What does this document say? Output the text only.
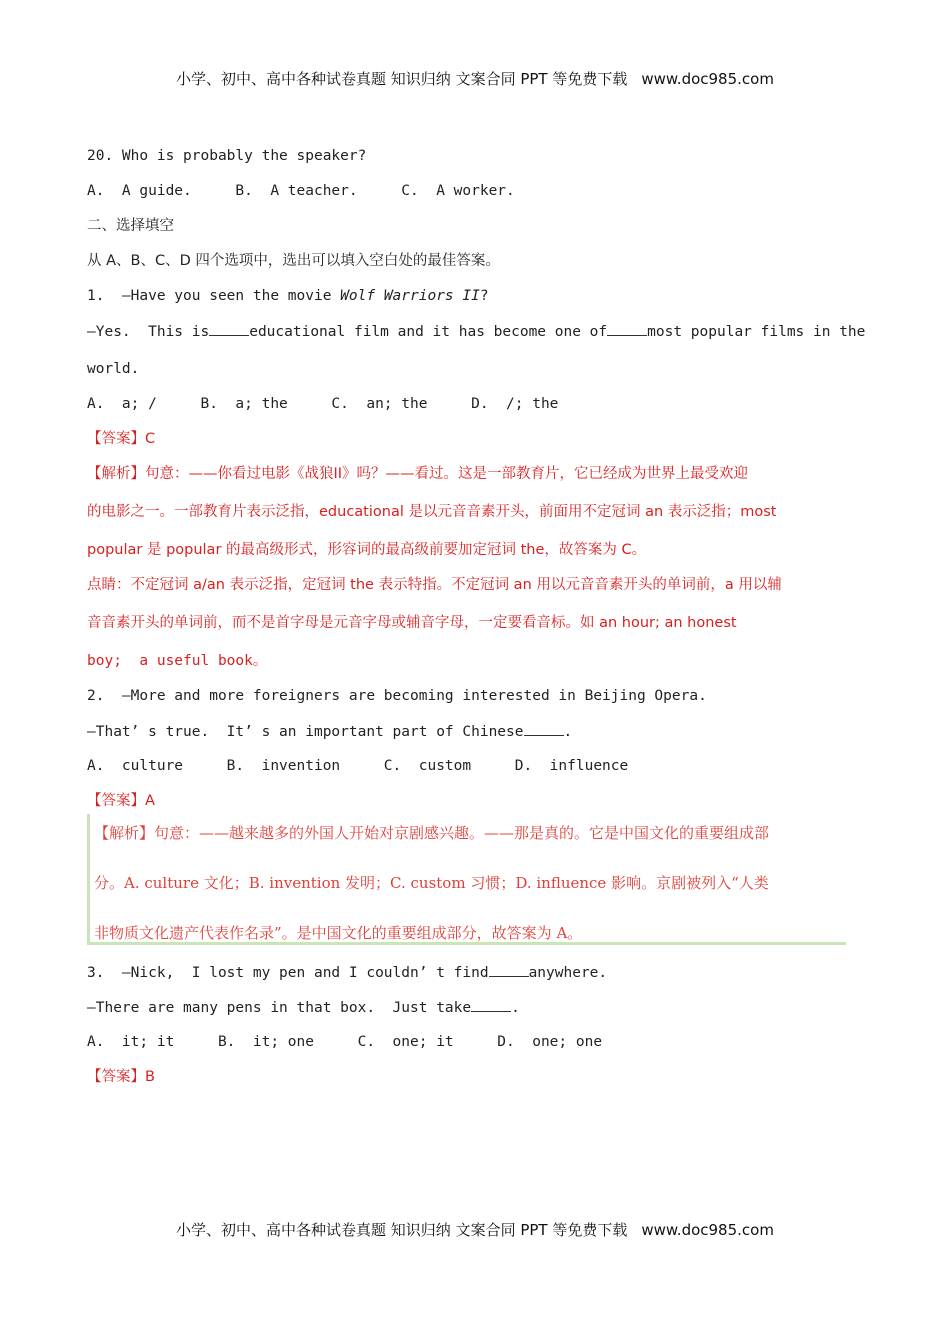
小学、初中、高中各种试卷真题 知识归纳 文案合同 PPT 等免费下载 www.doc985.com
20. Who is probably the speaker?
A.  A guide.     B.  A teacher.     C.  A worker.
二、选择填空
从 A、B、C、D 四个选项中，选出可以填入空白处的最佳答案。
1.  —Have you seen the movie Wolf Warriors II?
—Yes.  This is	educational film and it has become one of	most popular films in the
world.
A.  a; /     B.  a; the     C.  an; the     D.  /; the
【答案】C
【解析】句意：——你看过电影《战狼II》吗？——看过。这是一部教育片，它已经成为世界上最受欢迎
的电影之一。一部教育片表示泛指，educational 是以元音音素开头，前面用不定冠词 an 表示泛指；most
popular 是 popular 的最高级形式，形容词的最高级前要加定冠词 the，故答案为 C。
点睛：不定冠词 a/an 表示泛指，定冠词 the 表示特指。不定冠词 an 用以元音音素开头的单词前，a 用以辅
音音素开头的单词前，而不是首字母是元音字母或辅音字母，一定要看音标。如 an hour; an honest
boy;  a useful book。
2.  —More and more foreigners are becoming interested in Beijing Opera.
—That’ s true.  It’ s an important part of Chinese	.
A.  culture     B.  invention     C.  custom     D.  influence
【答案】A
【解析】句意：——越来越多的外国人开始对京剧感兴趣。——那是真的。它是中国文化的重要组成部
分。A. culture 文化；B. invention 发明；C. custom 习惯；D. influence 影响。京剧被列入“人类
非物质文化遗产代表作名录”。是中国文化的重要组成部分，故答案为 A。
3.  —Nick,  I lost my pen and I couldn’ t find	anywhere.
—There are many pens in that box.  Just take	.
A.  it; it     B.  it; one     C.  one; it     D.  one; one
【答案】B
小学、初中、高中各种试卷真题 知识归纳 文案合同 PPT 等免费下载 www.doc985.com
